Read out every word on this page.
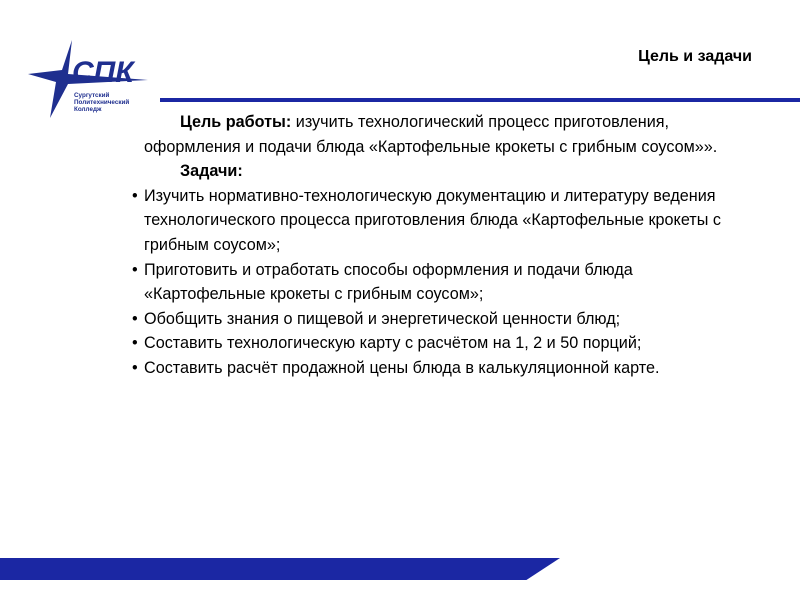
СПК
Сургутский
Политехнический
Колледж
Цель и задачи

Цель работы: изучить технологический процесс приготовления, оформления и подачи блюда «Картофельные крокеты с грибным соусом»».

Задачи:

• Изучить нормативно-технологическую документацию и литературу ведения технологического процесса приготовления блюда «Картофельные крокеты с грибным соусом»;
• Приготовить и отработать способы оформления и подачи блюда «Картофельные крокеты с грибным соусом»;
• Обобщить знания о пищевой и энергетической ценности блюд;
• Составить технологическую карту с расчётом на 1, 2 и 50 порций;
• Составить расчёт продажной цены блюда в калькуляционной карте.
